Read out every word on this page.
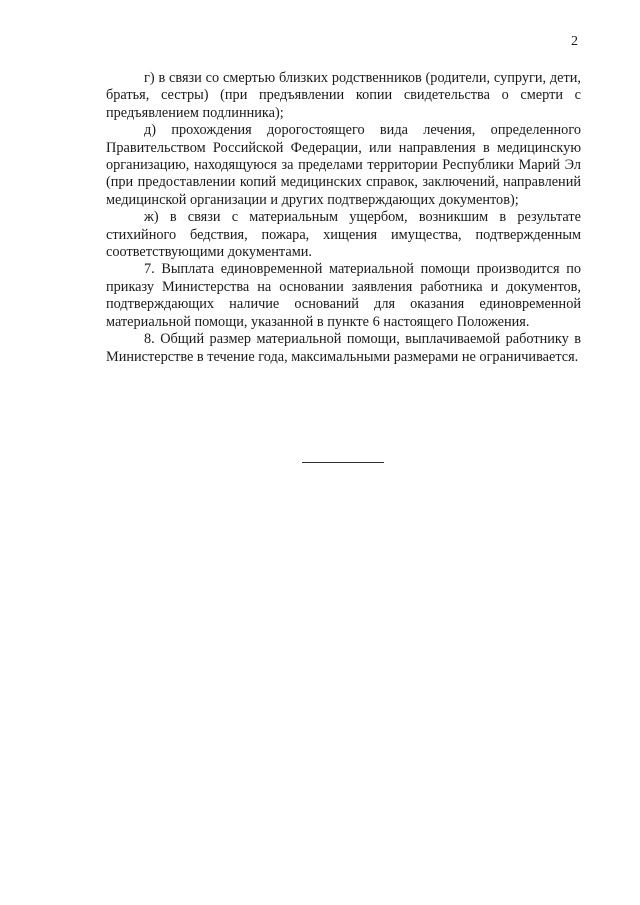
2

г) в связи со смертью близких родственников (родители, супруги, дети, братья, сестры) (при предъявлении копии свидетельства о смерти с предъявлением подлинника);

д) прохождения дорогостоящего вида лечения, определенного Правительством Российской Федерации, или направления в медицинскую организацию, находящуюся за пределами территории Республики Марий Эл (при предоставлении копий медицинских справок, заключений, направлений медицинской организации и других подтверждающих документов);

ж) в связи с материальным ущербом, возникшим в результате стихийного бедствия, пожара, хищения имущества, подтвержденным соответствующими документами.

7. Выплата единовременной материальной помощи производится по приказу Министерства на основании заявления работника и документов, подтверждающих наличие оснований для оказания единовременной материальной помощи, указанной в пункте 6 настоящего Положения.

8. Общий размер материальной помощи, выплачиваемой работнику в Министерстве в течение года, максимальными размерами не ограничивается.
